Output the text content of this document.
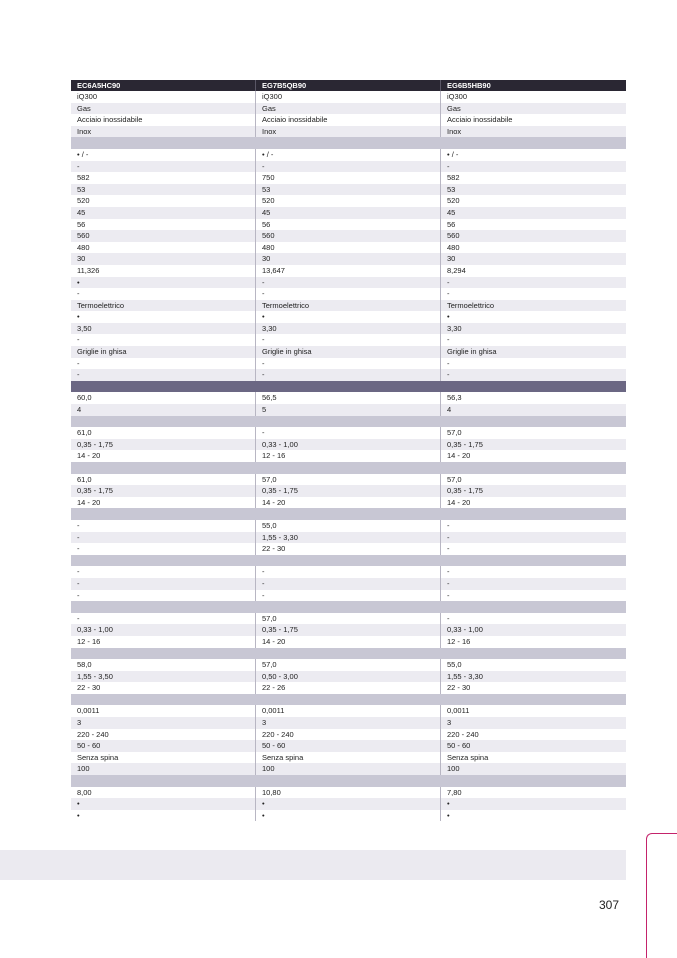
EC6A5HC90	EG7B5QB90	EG6B5HB90
iQ300	iQ300	iQ300
Gas	Gas	Gas
Acciaio inossidabile	Acciaio inossidabile	Acciaio inossidabile
Inox	Inox	Inox
• / -	• / -	• / -
-	-	-
582	750	582
53	53	53
520	520	520
45	45	45
56	56	56
560	560	560
480	480	480
30	30	30
11,326	13,647	8,294
•	-	-
-	-	-
Termoelettrico	Termoelettrico	Termoelettrico
•	•	•
3,50	3,30	3,30
-	-	-
Griglie in ghisa	Griglie in ghisa	Griglie in ghisa
-	-	-
-	-	-
60,0	56,5	56,3
4	5	4
61,0	-	57,0
0,35 - 1,75	0,33 - 1,00	0,35 - 1,75
14 - 20	12 - 16	14 - 20
61,0	57,0	57,0
0,35 - 1,75	0,35 - 1,75	0,35 - 1,75
14 - 20	14 - 20	14 - 20
-	55,0	-
-	1,55 - 3,30	-
-	22 - 30	-
-	-	-
-	-	-
-	-	-
-	57,0	-
0,33 - 1,00	0,35 - 1,75	0,33 - 1,00
12 - 16	14 - 20	12 - 16
58,0	57,0	55,0
1,55 - 3,50	0,50 - 3,00	1,55 - 3,30
22 - 30	22 - 26	22 - 30
0,0011	0,0011	0,0011
3	3	3
220 - 240	220 - 240	220 - 240
50 - 60	50 - 60	50 - 60
Senza spina	Senza spina	Senza spina
100	100	100
8,00	10,80	7,80
•	•	•
•	•	•
307
